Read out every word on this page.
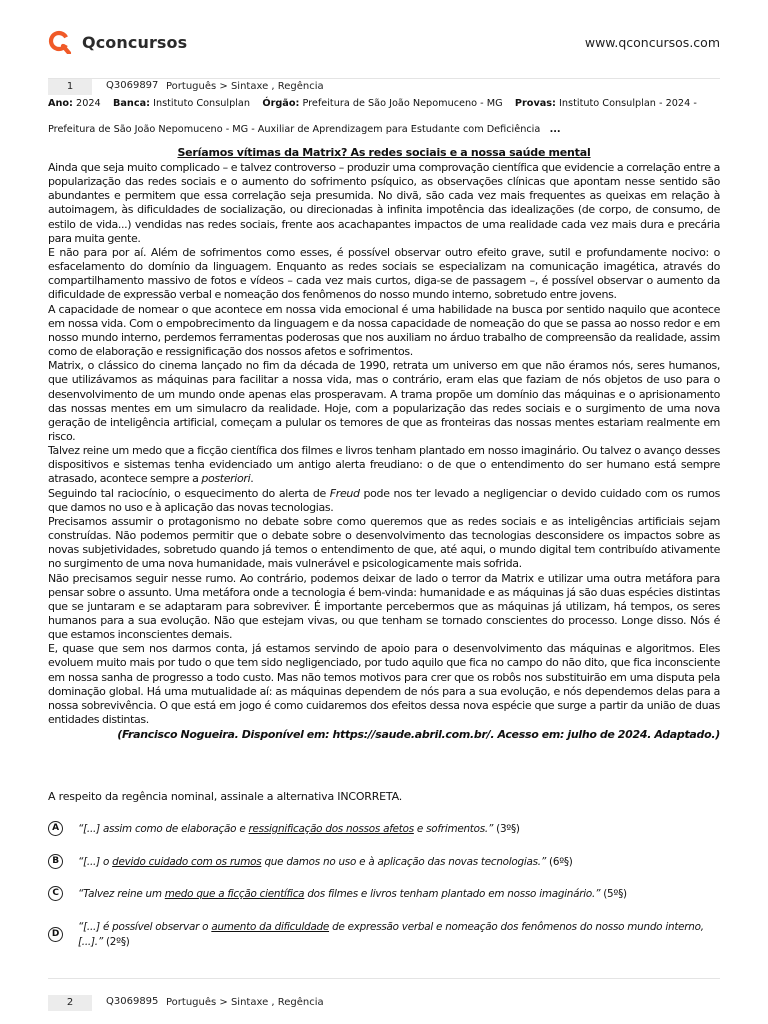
Qconcursos	www.qconcursos.com
1	Q3069897 Português > Sintaxe , Regência
Ano: 2024 Banca: Instituto Consulplan Órgão: Prefeitura de São João Nepomuceno - MG Provas: Instituto Consulplan - 2024 -
Prefeitura de São João Nepomuceno - MG - Auxiliar de Aprendizagem para Estudante com Deficiência ...
Seríamos vítimas da Matrix? As redes sociais e a nossa saúde mental

Ainda que seja muito complicado – e talvez controverso – produzir uma comprovação científica que evidencie a correlação entre a popularização das redes sociais e o aumento do sofrimento psíquico, as observações clínicas que apontam nesse sentido são abundantes e permitem que essa correlação seja presumida. No divã, são cada vez mais frequentes as queixas em relação à autoimagem, às dificuldades de socialização, ou direcionadas à infinita impotência das idealizações (de corpo, de consumo, de estilo de vida...) vendidas nas redes sociais, frente aos acachapantes impactos de uma realidade cada vez mais dura e precária para muita gente.

E não para por aí. Além de sofrimentos como esses, é possível observar outro efeito grave, sutil e profundamente nocivo: o esfacelamento do domínio da linguagem. Enquanto as redes sociais se especializam na comunicação imagética, através do compartilhamento massivo de fotos e vídeos – cada vez mais curtos, diga-se de passagem –, é possível observar o aumento da dificuldade de expressão verbal e nomeação dos fenômenos do nosso mundo interno, sobretudo entre jovens.

A capacidade de nomear o que acontece em nossa vida emocional é uma habilidade na busca por sentido naquilo que acontece em nossa vida. Com o empobrecimento da linguagem e da nossa capacidade de nomeação do que se passa ao nosso redor e em nosso mundo interno, perdemos ferramentas poderosas que nos auxiliam no árduo trabalho de compreensão da realidade, assim como de elaboração e ressignificação dos nossos afetos e sofrimentos.

Matrix, o clássico do cinema lançado no fim da década de 1990, retrata um universo em que não éramos nós, seres humanos, que utilizávamos as máquinas para facilitar a nossa vida, mas o contrário, eram elas que faziam de nós objetos de uso para o desenvolvimento de um mundo onde apenas elas prosperavam. A trama propõe um domínio das máquinas e o aprisionamento das nossas mentes em um simulacro da realidade. Hoje, com a popularização das redes sociais e o surgimento de uma nova geração de inteligência artificial, começam a pulular os temores de que as fronteiras das nossas mentes estariam realmente em risco.

Talvez reine um medo que a ficção científica dos filmes e livros tenham plantado em nosso imaginário. Ou talvez o avanço desses dispositivos e sistemas tenha evidenciado um antigo alerta freudiano: o de que o entendimento do ser humano está sempre atrasado, acontece sempre a posteriori.

Seguindo tal raciocínio, o esquecimento do alerta de Freud pode nos ter levado a negligenciar o devido cuidado com os rumos que damos no uso e à aplicação das novas tecnologias.

Precisamos assumir o protagonismo no debate sobre como queremos que as redes sociais e as inteligências artificiais sejam construídas. Não podemos permitir que o debate sobre o desenvolvimento das tecnologias desconsidere os impactos sobre as novas subjetividades, sobretudo quando já temos o entendimento de que, até aqui, o mundo digital tem contribuído ativamente no surgimento de uma nova humanidade, mais vulnerável e psicologicamente mais sofrida.

Não precisamos seguir nesse rumo. Ao contrário, podemos deixar de lado o terror da Matrix e utilizar uma outra metáfora para pensar sobre o assunto. Uma metáfora onde a tecnologia é bem-vinda: humanidade e as máquinas já são duas espécies distintas que se juntaram e se adaptaram para sobreviver. É importante percebermos que as máquinas já utilizam, há tempos, os seres humanos para a sua evolução. Não que estejam vivas, ou que tenham se tornado conscientes do processo. Longe disso. Nós é que estamos inconscientes demais.

E, quase que sem nos darmos conta, já estamos servindo de apoio para o desenvolvimento das máquinas e algoritmos. Eles evoluem muito mais por tudo o que tem sido negligenciado, por tudo aquilo que fica no campo do não dito, que fica inconsciente em nossa sanha de progresso a todo custo. Mas não temos motivos para crer que os robôs nos substituirão em uma disputa pela dominação global. Há uma mutualidade aí: as máquinas dependem de nós para a sua evolução, e nós dependemos delas para a nossa sobrevivência. O que está em jogo é como cuidaremos dos efeitos dessa nova espécie que surge a partir da união de duas entidades distintas.

(Francisco Nogueira. Disponível em: https://saude.abril.com.br/. Acesso em: julho de 2024. Adaptado.)

A respeito da regência nominal, assinale a alternativa INCORRETA.
A	“[...] assim como de elaboração e ressignificação dos nossos afetos e sofrimentos.” (3º§)
B	“[...] o devido cuidado com os rumos que damos no uso e à aplicação das novas tecnologias.” (6º§)
C	“Talvez reine um medo que a ficção científica dos filmes e livros tenham plantado em nosso imaginário.” (5º§)
D
“[...] é possível observar o aumento da dificuldade de expressão verbal e nomeação dos fenômenos do nosso mundo interno, [...].” (2º§)
2	Q3069895 Português > Sintaxe , Regência
